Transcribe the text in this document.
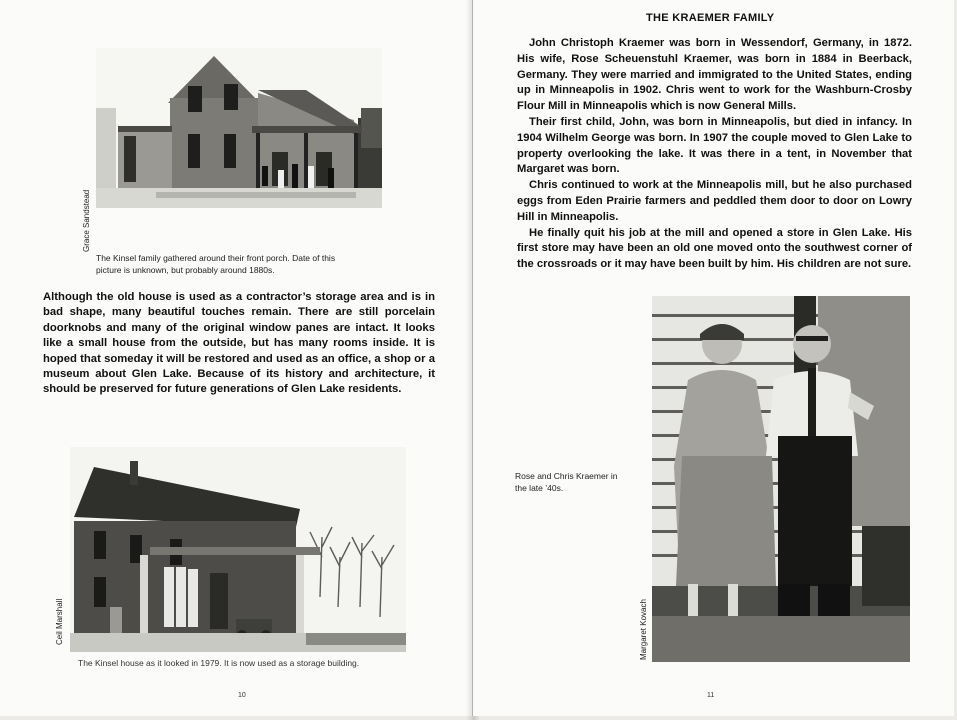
Grace Sandstead
The Kinsel family gathered around their front porch. Date of this
picture is unknown, but probably around 1880s.
Although the old house is used as a contractor’s storage area and is in bad shape, many beautiful touches remain. There are still porcelain doorknobs and many of the original window panes are intact. It looks like a small house from the outside, but has many rooms inside. It is hoped that someday it will be restored and used as an office, a shop or a museum about Glen Lake. Because of its history and architecture, it should be preserved for future generations of Glen Lake residents.
Ceil Marshall
The Kinsel house as it looked in 1979. It is now used as a storage building.
10
THE KRAEMER FAMILY

John Christoph Kraemer was born in Wessendorf, Germany, in 1872. His wife, Rose Scheuenstuhl Kraemer, was born in 1884 in Beerback, Germany. They were married and immigrated to the United States, ending up in Minneapolis in 1902. Chris went to work for the Washburn-Crosby Flour Mill in Minneapolis which is now General Mills.

Their first child, John, was born in Minneapolis, but died in infancy. In 1904 Wilhelm George was born. In 1907 the couple moved to Glen Lake to property overlooking the lake. It was there in a tent, in November that Margaret was born.

Chris continued to work at the Minneapolis mill, but he also purchased eggs from Eden Prairie farmers and peddled them door to door on Lowry Hill in Minneapolis.

He finally quit his job at the mill and opened a store in Glen Lake. His first store may have been an old one moved onto the southwest corner of the crossroads or it may have been built by him. His children are not sure.

Rose and Chris Kraemer in
the late ’40s.
Margaret Kovach
11
